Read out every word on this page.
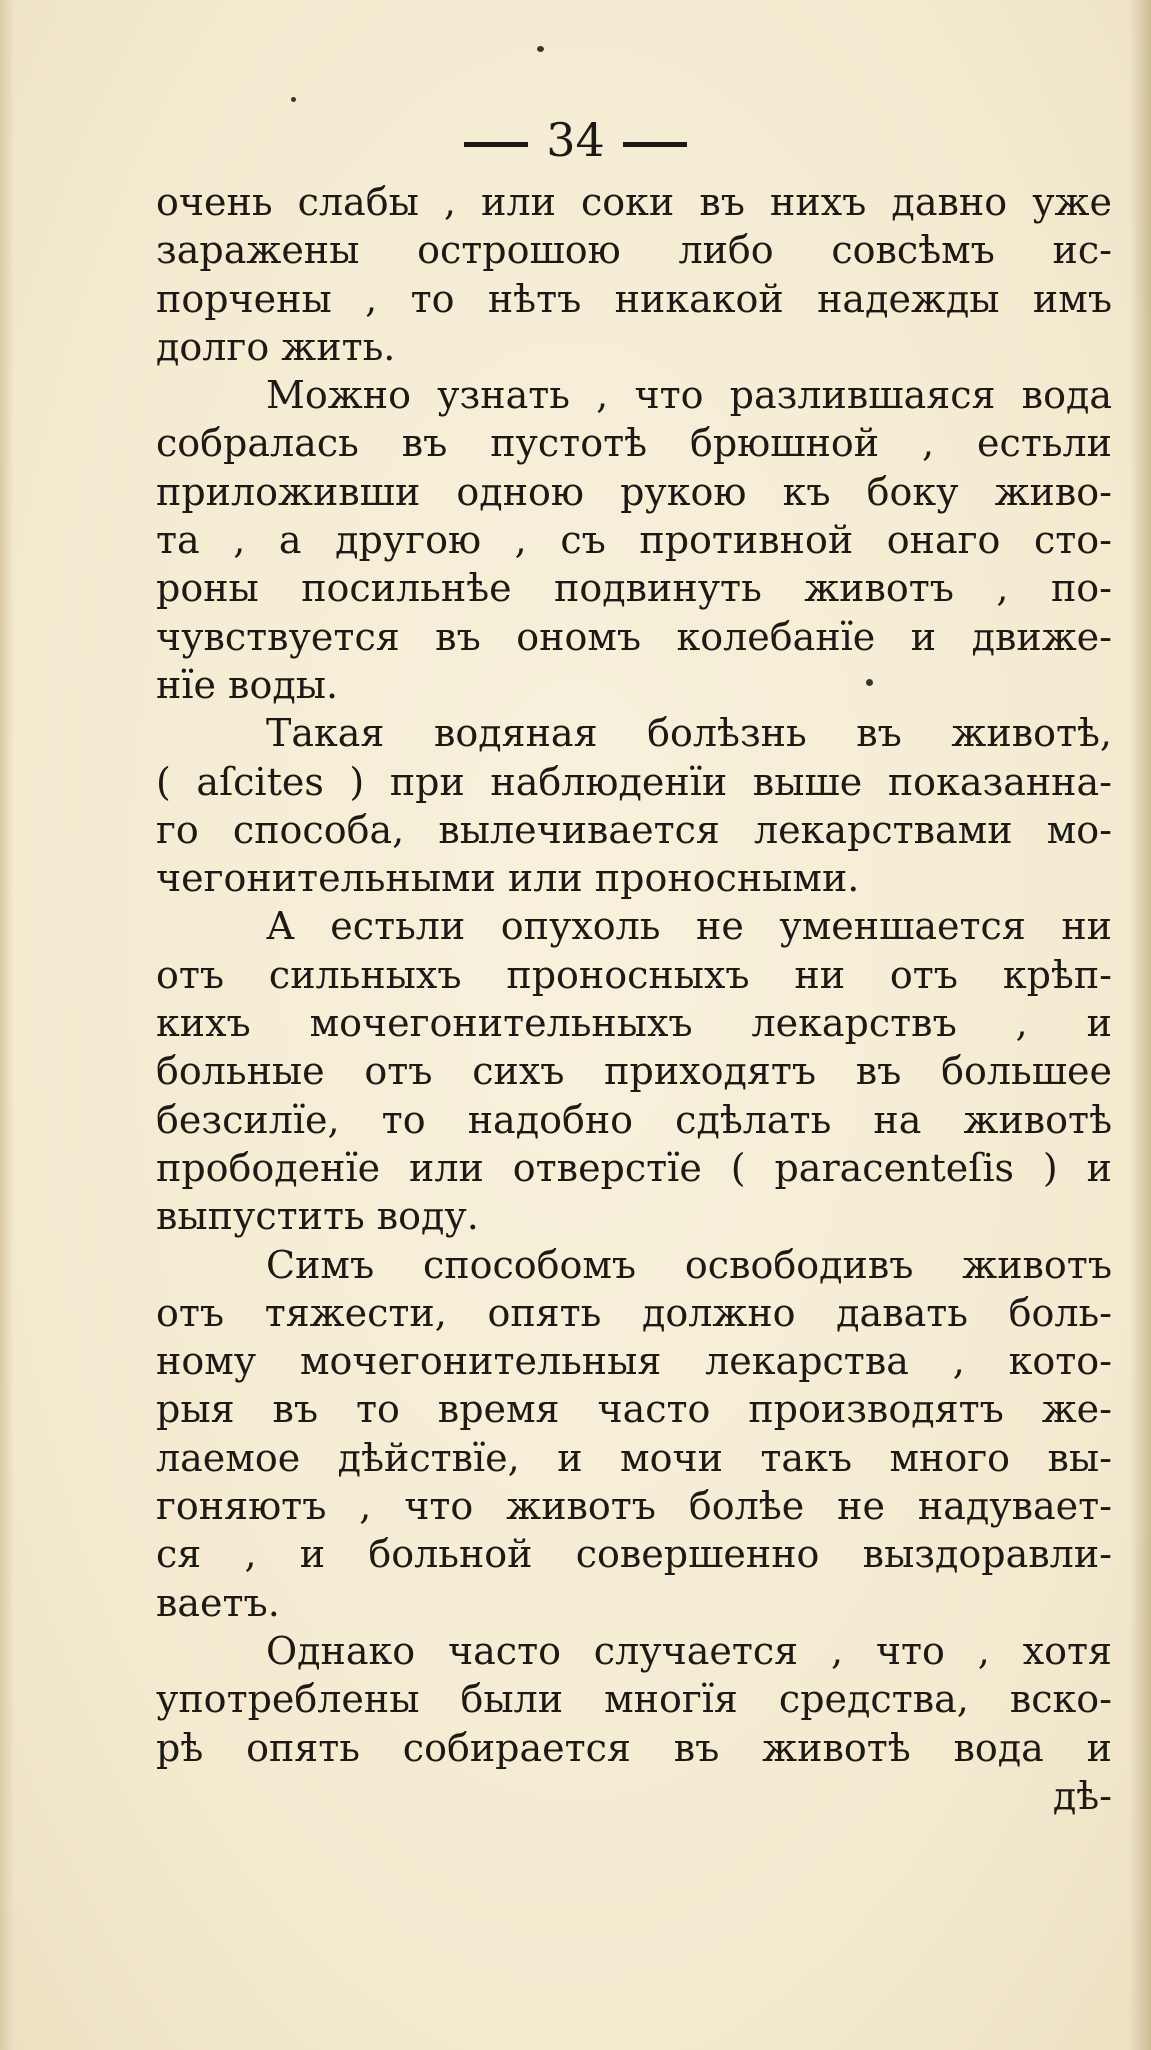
34
очень слабы , или соки въ нихъ давно уже
заражены острошою либо совсѣмъ ис-
порчены , то нѣтъ никакой надежды имъ
долго жить.
Можно узнать , что разлившаяся вода
собралась въ пустотѣ брюшной , естьли
приложивши одною рукою къ боку живо-
та , а другою , съ противной онаго сто-
роны посильнѣе подвинуть животъ , по-
чувствуется въ ономъ колебанїе и движе-
нїе воды.
Такая водяная болѣзнь въ животѣ,
( aſcites ) при наблюденїи выше показанна-
го способа, вылечивается лекарствами мо-
чегонительными или проносными.
А естьли опухоль не уменшается ни
отъ сильныхъ проносныхъ ни отъ крѣп-
кихъ мочегонительныхъ лекарствъ , и
больные отъ сихъ приходятъ въ большее
безсилїе, то надобно сдѣлать на животѣ
прободенїе или отверстїе ( paracenteſis ) и
выпустить воду.
Симъ способомъ освободивъ животъ
отъ тяжести, опять должно давать боль-
ному мочегонительныя лекарства , кото-
рыя въ то время часто производятъ же-
лаемое дѣйствїе, и мочи такъ много вы-
гоняютъ , что животъ болѣе не надувает-
ся , и больной совершенно выздоравли-
ваетъ.
Однако часто случается , что , хотя
употреблены были многїя средства, вско-
рѣ опять собирается въ животѣ вода и
дѣ-
